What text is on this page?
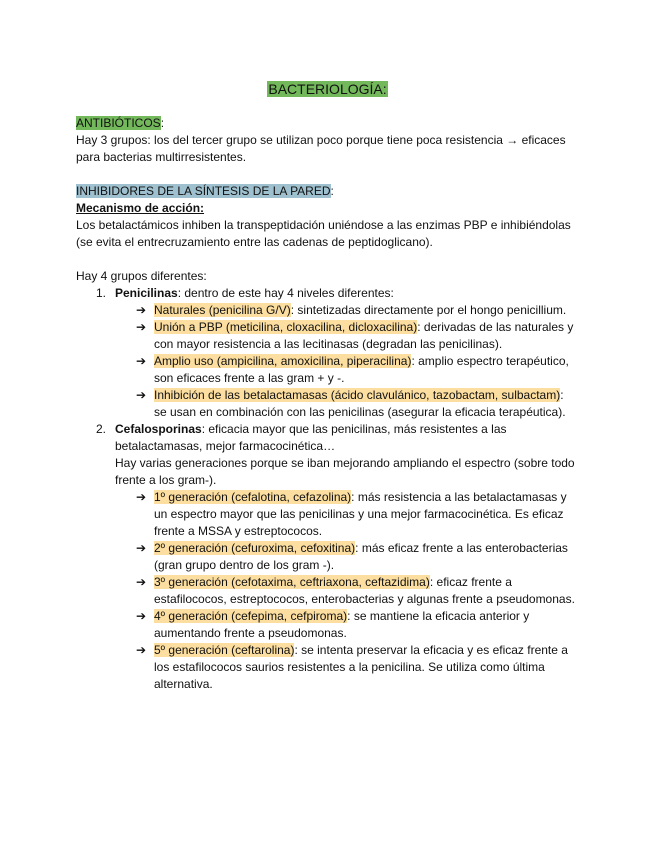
BACTERIOLOGÍA:

ANTIBIÓTICOS:

Hay 3 grupos: los del tercer grupo se utilizan poco porque tiene poca resistencia → eficaces para bacterias multirresistentes.

INHIBIDORES DE LA SÍNTESIS DE LA PARED:

Mecanismo de acción:

Los betalactámicos inhiben la transpeptidación uniéndose a las enzimas PBP e inhibiéndolas (se evita el entrecruzamiento entre las cadenas de peptidoglicano).

Hay 4 grupos diferentes:

1. Penicilinas: dentro de este hay 4 niveles diferentes:

➔ Naturales (penicilina G/V): sintetizadas directamente por el hongo penicillium.

➔ Unión a PBP (meticilina, cloxacilina, dicloxacilina): derivadas de las naturales y con mayor resistencia a las lecitinasas (degradan las penicilinas).

➔ Amplio uso (ampicilina, amoxicilina, piperacilina): amplio espectro terapéutico, son eficaces frente a las gram + y -.

➔ Inhibición de las betalactamasas (ácido clavulánico, tazobactam, sulbactam): se usan en combinación con las penicilinas (asegurar la eficacia terapéutica).

2. Cefalosporinas: eficacia mayor que las penicilinas, más resistentes a las betalactamasas, mejor farmacocinética…

Hay varias generaciones porque se iban mejorando ampliando el espectro (sobre todo frente a los gram-).

➔ 1º generación (cefalotina, cefazolina): más resistencia a las betalactamasas y un espectro mayor que las penicilinas y una mejor farmacocinética. Es eficaz frente a MSSA y estreptococos.

➔ 2º generación (cefuroxima, cefoxitina): más eficaz frente a las enterobacterias (gran grupo dentro de los gram -).

➔ 3º generación (cefotaxima, ceftriaxona, ceftazidima): eficaz frente a estafilococos, estreptococos, enterobacterias y algunas frente a pseudomonas.

➔ 4º generación (cefepima, cefpiroma): se mantiene la eficacia anterior y aumentando frente a pseudomonas.

➔ 5º generación (ceftarolina): se intenta preservar la eficacia y es eficaz frente a los estafilococos saurios resistentes a la penicilina. Se utiliza como última alternativa.
